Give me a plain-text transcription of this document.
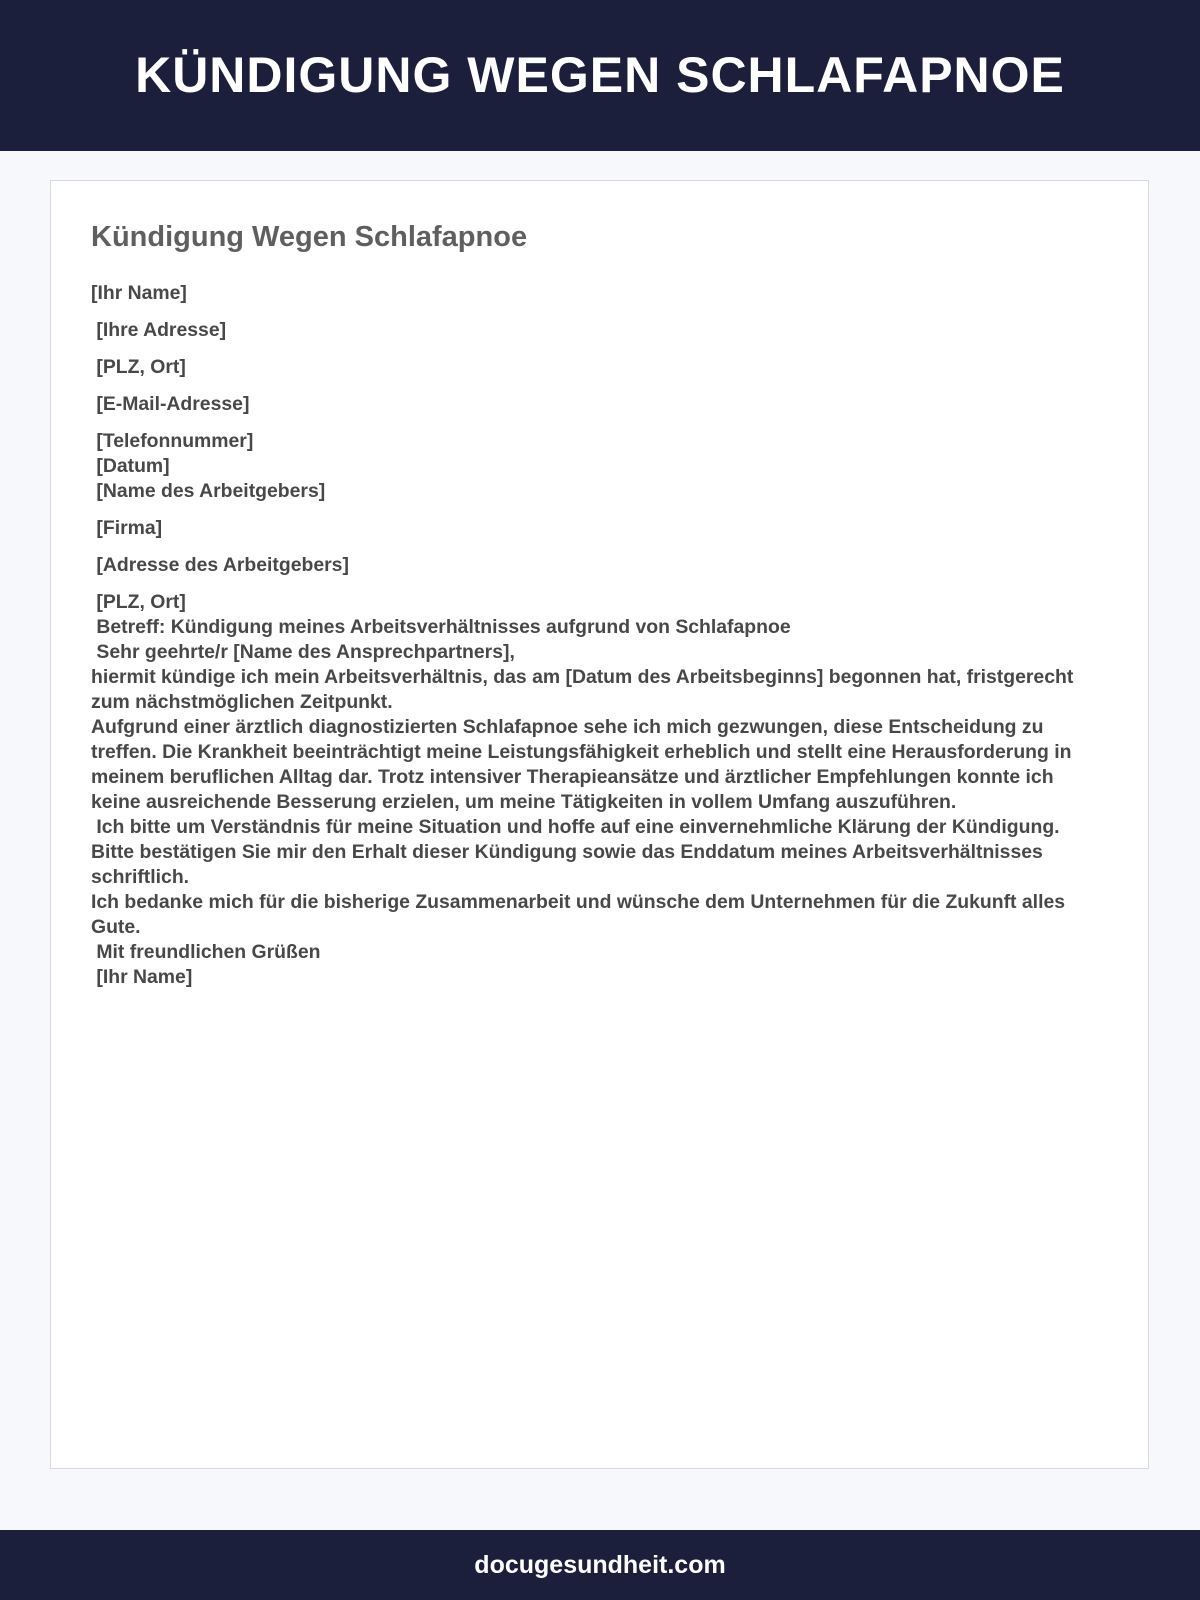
KÜNDIGUNG WEGEN SCHLAFAPNOE
Kündigung Wegen Schlafapnoe
[Ihr Name]
[Ihre Adresse]
[PLZ, Ort]
[E-Mail-Adresse]
[Telefonnummer]
[Datum]
[Name des Arbeitgebers]
[Firma]
[Adresse des Arbeitgebers]
[PLZ, Ort]
Betreff: Kündigung meines Arbeitsverhältnisses aufgrund von Schlafapnoe
Sehr geehrte/r [Name des Ansprechpartners],
hiermit kündige ich mein Arbeitsverhältnis, das am [Datum des Arbeitsbeginns] begonnen hat, fristgerecht zum nächstmöglichen Zeitpunkt.
Aufgrund einer ärztlich diagnostizierten Schlafapnoe sehe ich mich gezwungen, diese Entscheidung zu treffen. Die Krankheit beeinträchtigt meine Leistungsfähigkeit erheblich und stellt eine Herausforderung in meinem beruflichen Alltag dar. Trotz intensiver Therapieansätze und ärztlicher Empfehlungen konnte ich keine ausreichende Besserung erzielen, um meine Tätigkeiten in vollem Umfang auszuführen.
Ich bitte um Verständnis für meine Situation und hoffe auf eine einvernehmliche Klärung der Kündigung.
Bitte bestätigen Sie mir den Erhalt dieser Kündigung sowie das Enddatum meines Arbeitsverhältnisses schriftlich.
Ich bedanke mich für die bisherige Zusammenarbeit und wünsche dem Unternehmen für die Zukunft alles Gute.
Mit freundlichen Grüßen
[Ihr Name]
docugesundheit.com
